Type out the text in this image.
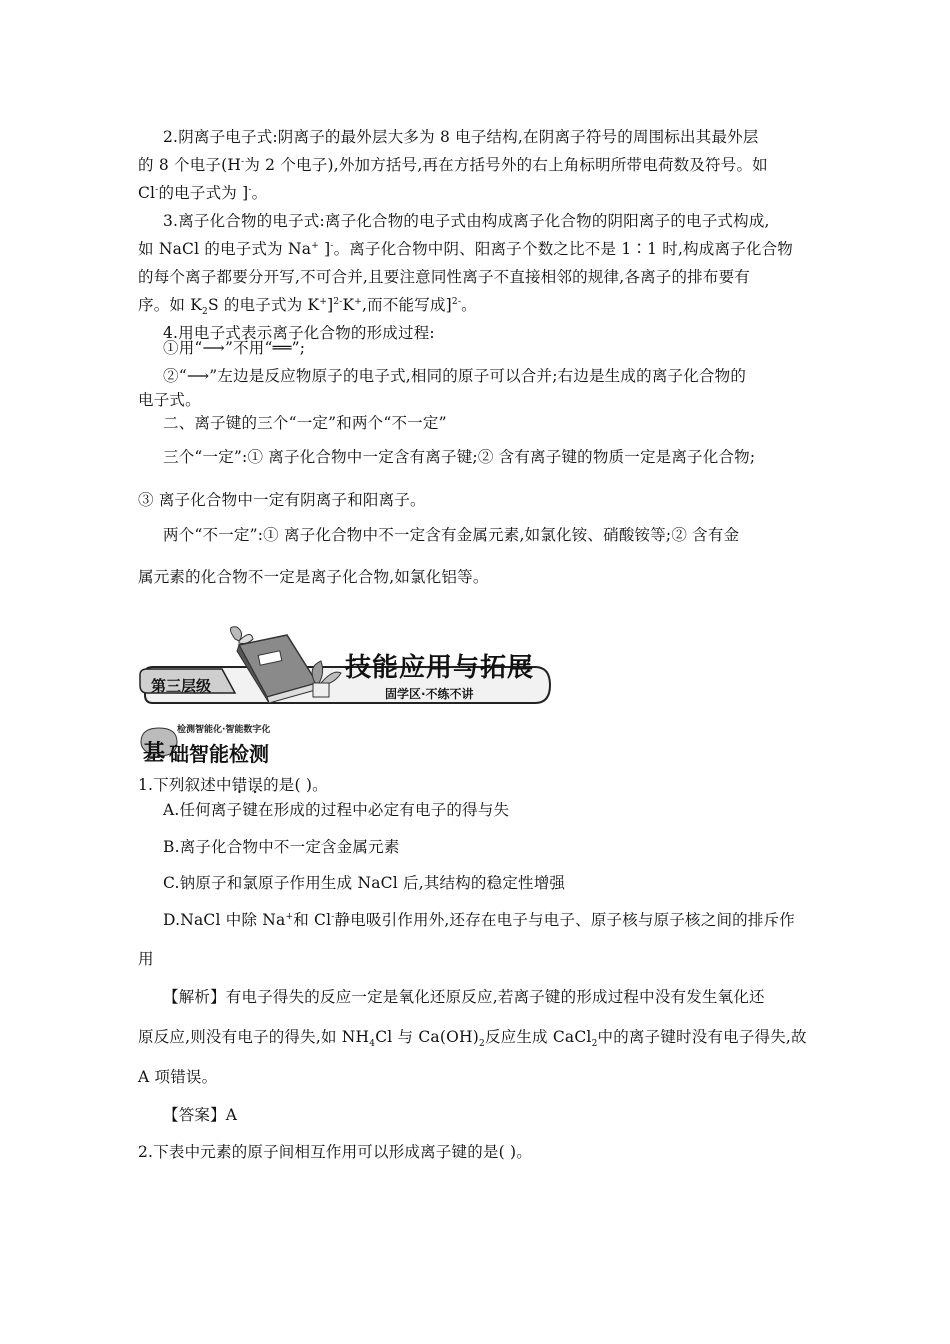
2.阴离子电子式:阴离子的最外层大多为 8 电子结构,在阴离子符号的周围标出其最外层
的 8 个电子(H-为 2 个电子),外加方括号,再在方括号外的右上角标明所带电荷数及符号。如
Cl-的电子式为 ]-。
3.离子化合物的电子式:离子化合物的电子式由构成离子化合物的阴阳离子的电子式构成,
如 NaCl 的电子式为 Na+ ]-。离子化合物中阴、阳离子个数之比不是 1∶1 时,构成离子化合物
的每个离子都要分开写,不可合并,且要注意同性离子不直接相邻的规律,各离子的排布要有
序。如 $K_2S$ 的电子式为 K+]$^{2-}$K+,而不能写成]$^{2-}$。
4.用电子式表示离子化合物的形成过程:
①用“⟶”不用“══”;
②“⟶”左边是反应物原子的电子式,相同的原子可以合并;右边是生成的离子化合物的
电子式。
二、离子键的三个“一定”和两个“不一定”
三个“一定”:① 离子化合物中一定含有离子键;② 含有离子键的物质一定是离子化合物;
③ 离子化合物中一定有阴离子和阳离子。
两个“不一定”:① 离子化合物中不一定含有金属元素,如氯化铵、硝酸铵等;② 含有金
属元素的化合物不一定是离子化合物,如氯化铝等。
第三层级
技能应用与拓展
固学区·不练不讲
检测智能化·智能数字化
基 础智能检测
1.下列叙述中错误的是( )。
A.任何离子键在形成的过程中必定有电子的得与失
B.离子化合物中不一定含金属元素
C.钠原子和氯原子作用生成 NaCl 后,其结构的稳定性增强
D.NaCl 中除 Na+和 Cl-静电吸引作用外,还存在电子与电子、原子核与原子核之间的排斥作
用
【解析】有电子得失的反应一定是氧化还原反应,若离子键的形成过程中没有发生氧化还
原反应,则没有电子的得失,如 $NH_4Cl$ 与 $Ca(OH)_2$反应生成 CaCl$_2$中的离子键时没有电子得失,故
A 项错误。
【答案】A
2.下表中元素的原子间相互作用可以形成离子键的是( )。
